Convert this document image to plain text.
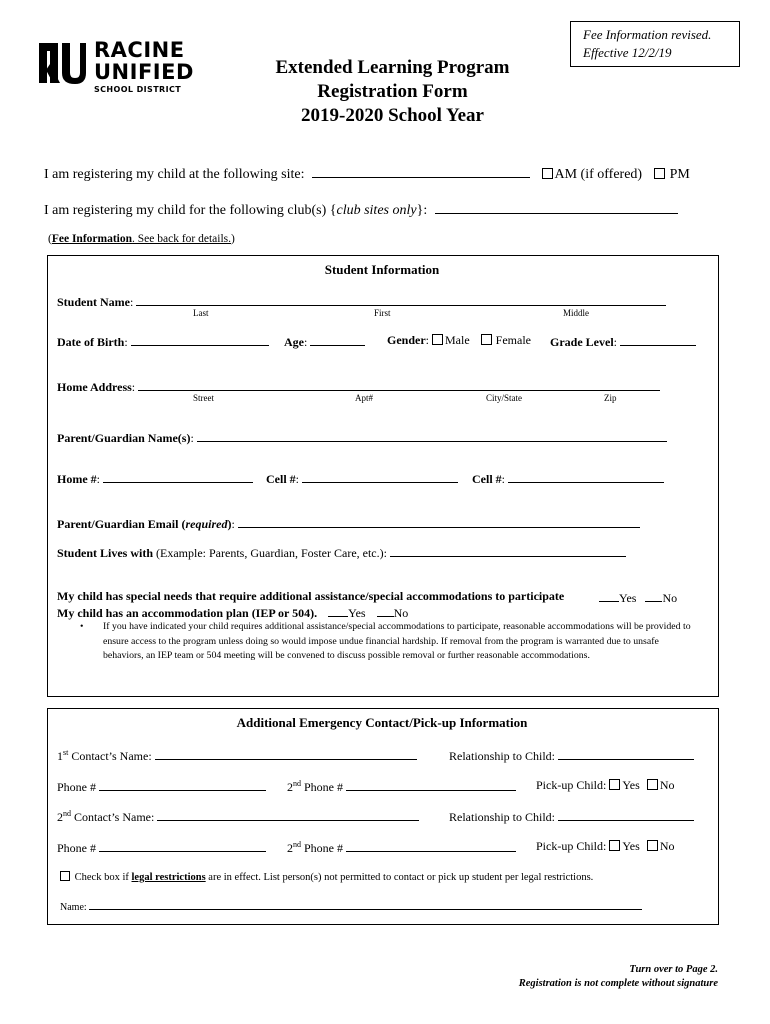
Fee Information revised.
Effective 12/2/19
RACINE
UNIFIED
SCHOOL DISTRICT
Extended Learning Program
Registration Form
2019-2020 School Year
I am registering my child at the following site:	AM (if offered) PM
I am registering my child for the following club(s) {club sites only}:
(Fee Information. See back for details.)
Student Information
Student Name:
Last	First	Middle
Date of Birth:	Age:	Gender: Male Female Grade Level:
Home Address:
Street	Apt#	City/State	Zip
Parent/Guardian Name(s):
Home #:	Cell #:	Cell #:
Parent/Guardian Email (required):
Student Lives with (Example: Parents, Guardian, Foster Care, etc.):
My child has special needs that require additional assistance/special accommodations to participate	Yes No
My child has an accommodation plan (IEP or 504).	Yes No
• If you have indicated your child requires additional assistance/special accommodations to participate, reasonable accommodations will be provided to ensure access to the program unless doing so would impose undue financial hardship. If removal from the program is warranted due to unsafe behaviors, an IEP team or 504 meeting will be convened to discuss possible removal or further reasonable accommodations.
Additional Emergency Contact/Pick-up Information
1st Contact’s Name:	Relationship to Child:
Phone #	2nd Phone #	Pick-up Child: Yes No
2nd Contact’s Name:	Relationship to Child:
Phone #	2nd Phone #	Pick-up Child: Yes No
Check box if legal restrictions are in effect. List person(s) not permitted to contact or pick up student per legal restrictions.
Name:
Turn over to Page 2.
Registration is not complete without signature
